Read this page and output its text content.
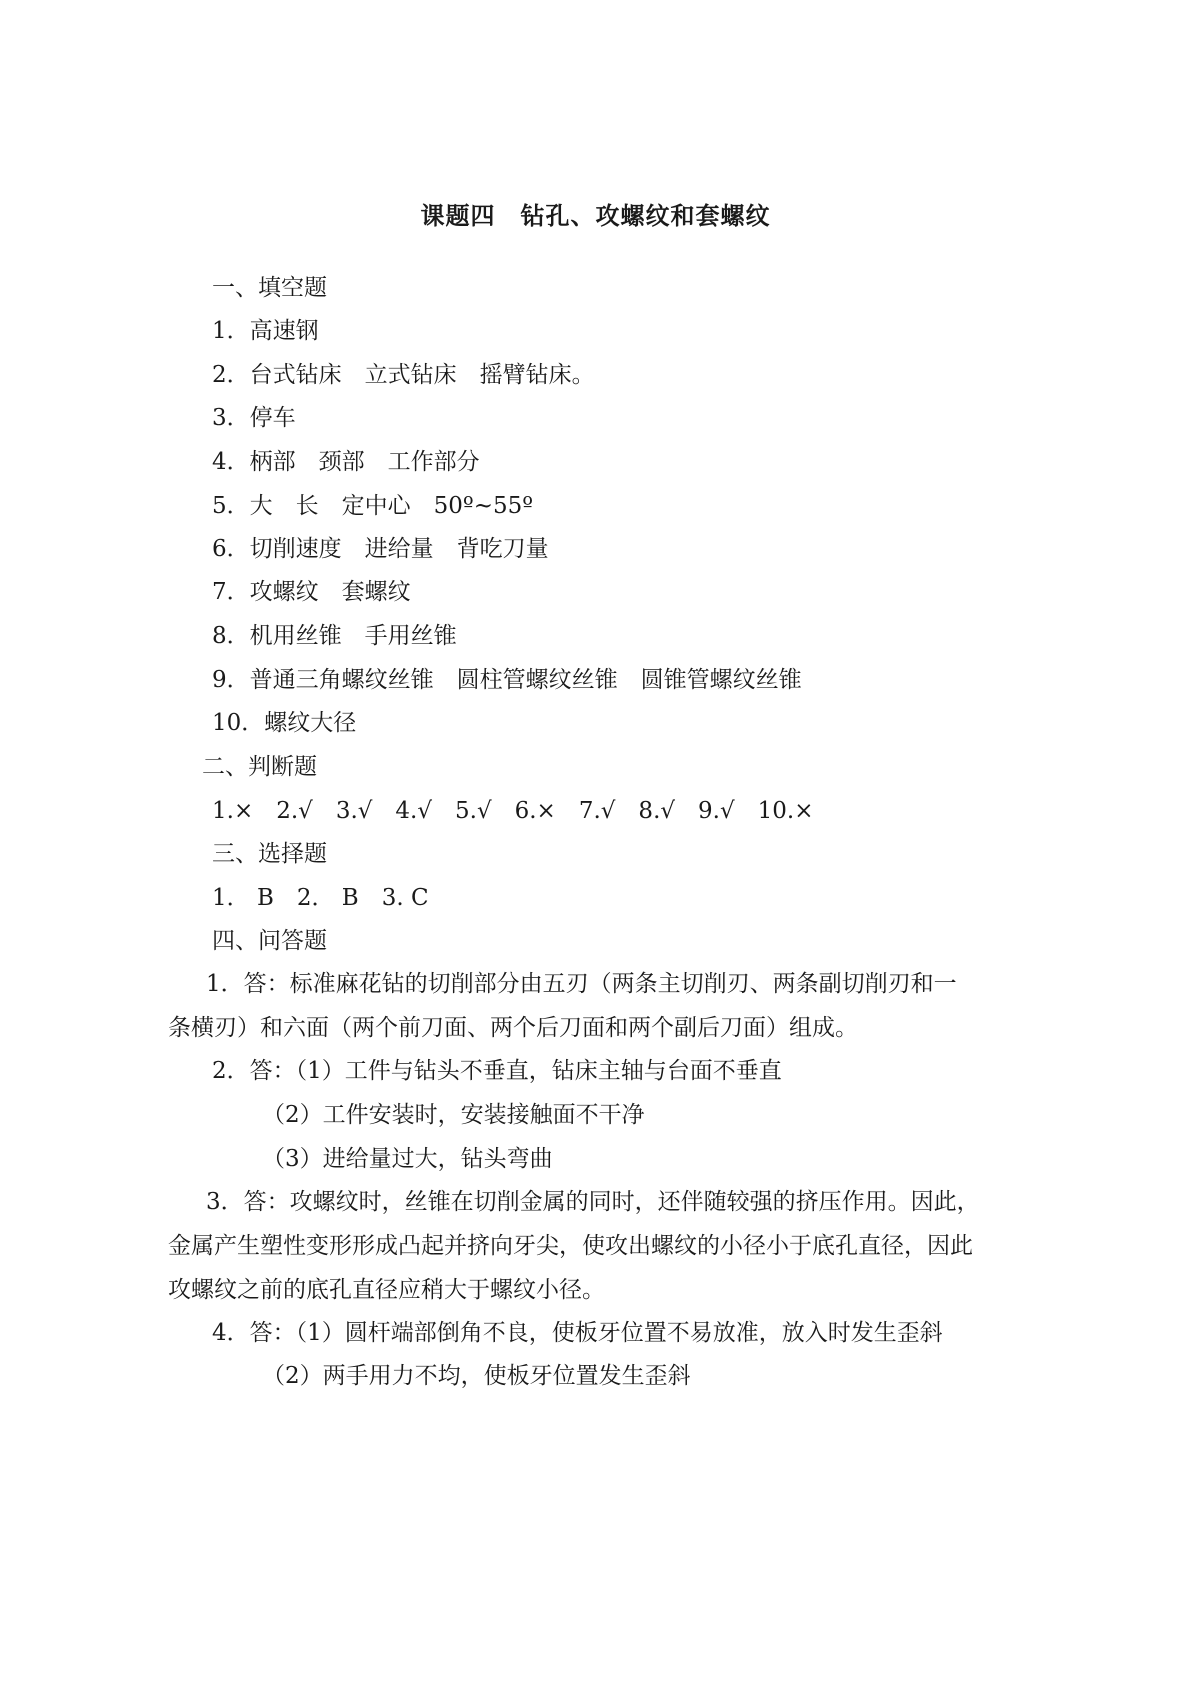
课题四　钻孔、攻螺纹和套螺纹
一、填空题
1．高速钢
2．台式钻床　立式钻床　摇臂钻床。
3．停车
4．柄部　颈部　工作部分
5．大　长　定中心　50º~55º
6．切削速度　进给量　背吃刀量
7．攻螺纹　套螺纹
8．机用丝锥　手用丝锥
9．普通三角螺纹丝锥　圆柱管螺纹丝锥　圆锥管螺纹丝锥
10．螺纹大径
二、判断题
1.×　2.√　3.√　4.√　5.√　6.×　7.√　8.√　9.√　10.×
三、选择题
1． B　2． B　3. C
四、问答题
1．答：标准麻花钻的切削部分由五刃（两条主切削刃、两条副切削刃和一
条横刃）和六面（两个前刀面、两个后刀面和两个副后刀面）组成。
2．答：（1）工件与钻头不垂直，钻床主轴与台面不垂直
（2）工件安装时，安装接触面不干净
（3）进给量过大，钻头弯曲
3．答：攻螺纹时，丝锥在切削金属的同时，还伴随较强的挤压作用。因此，
金属产生塑性变形形成凸起并挤向牙尖，使攻出螺纹的小径小于底孔直径，因此
攻螺纹之前的底孔直径应稍大于螺纹小径。
4．答：（1）圆杆端部倒角不良，使板牙位置不易放准，放入时发生歪斜
（2）两手用力不均，使板牙位置发生歪斜
